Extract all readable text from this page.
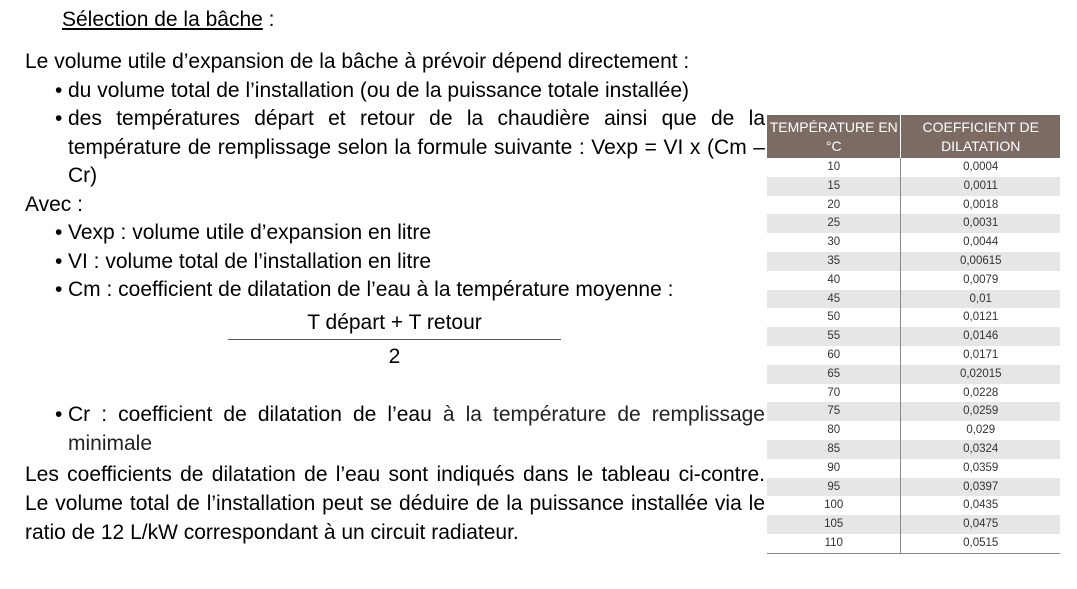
Sélection de la bâche :

Le volume utile d’expansion de la bâche à prévoir dépend directement :

• du volume total de l’installation (ou de la puissance totale installée)
• des températures départ et retour de la chaudière ainsi que de la température de remplissage selon la formule suivante : Vexp = VI x (Cm – Cr)

Avec :

• Vexp : volume utile d’expansion en litre
• VI : volume total de l’installation en litre
• Cm : coefficient de dilatation de l’eau à la température moyenne :
T départ + T retour
2
• Cr : coefficient de dilatation de l’eau à la température de remplissage minimale

Les coefficients de dilatation de l’eau sont indiqués dans le tableau ci-contre. Le volume total de l’installation peut se déduire de la puissance installée via le ratio de 12 L/kW correspondant à un circuit radiateur.

TEMPÉRATURE EN °C	COEFFICIENT DE DILATATION
10	0,0004
15	0,0011
20	0,0018
25	0,0031
30	0,0044
35	0,00615
40	0,0079
45	0,01
50	0,0121
55	0,0146
60	0,0171
65	0,02015
70	0,0228
75	0,0259
80	0,029
85	0,0324
90	0,0359
95	0,0397
100	0,0435
105	0,0475
110	0,0515
